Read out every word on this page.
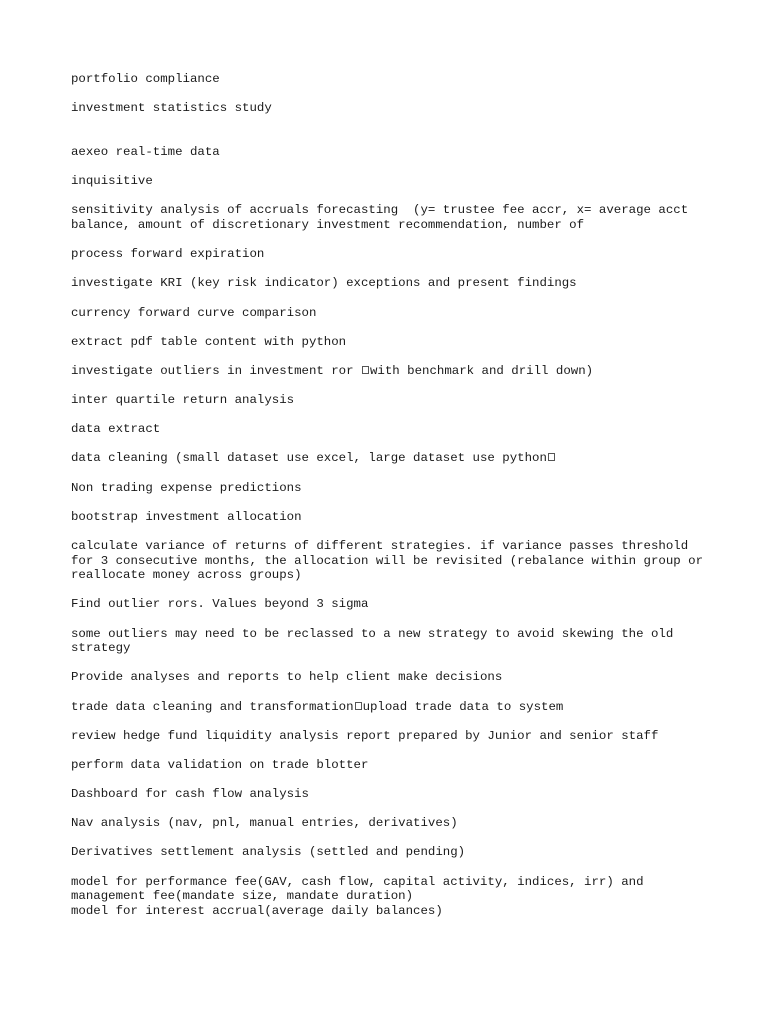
portfolio compliance

investment statistics study

aexeo real-time data

inquisitive

sensitivity analysis of accruals forecasting  (y= trustee fee accr, x= average acct balance, amount of discretionary investment recommendation, number of

process forward expiration

investigate KRI (key risk indicator) exceptions and present findings

currency forward curve comparison

extract pdf table content with python

investigate outliers in investment ror with benchmark and drill down)

inter quartile return analysis

data extract

data cleaning (small dataset use excel, large dataset use python

Non trading expense predictions

bootstrap investment allocation

calculate variance of returns of different strategies. if variance passes threshold for 3 consecutive months, the allocation will be revisited (rebalance within group or reallocate money across groups)

Find outlier rors. Values beyond 3 sigma

some outliers may need to be reclassed to a new strategy to avoid skewing the old strategy

Provide analyses and reports to help client make decisions

trade data cleaning and transformation upload trade data to system

review hedge fund liquidity analysis report prepared by Junior and senior staff

perform data validation on trade blotter

Dashboard for cash flow analysis

Nav analysis (nav, pnl, manual entries, derivatives)

Derivatives settlement analysis (settled and pending)

model for performance fee(GAV, cash flow, capital activity, indices, irr) and management fee(mandate size, mandate duration)

model for interest accrual(average daily balances)
